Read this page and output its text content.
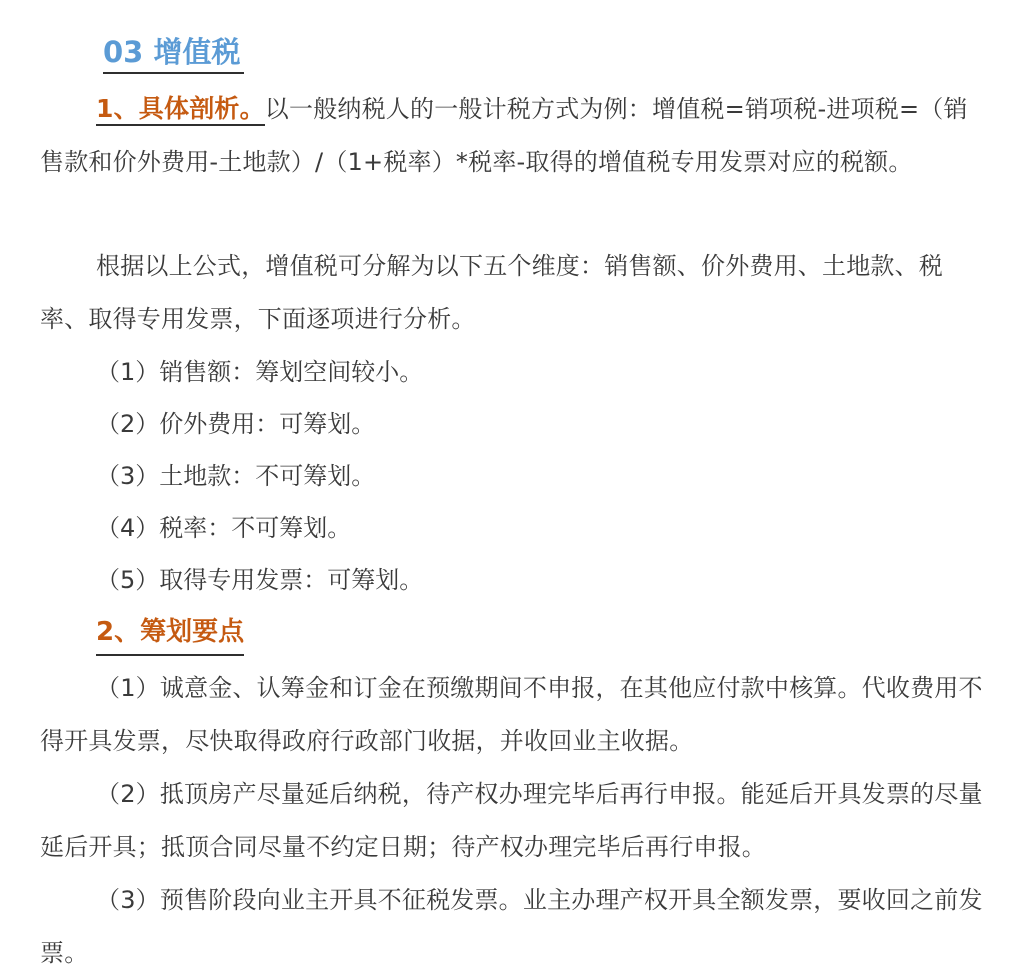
03 增值税

1、具体剖析。以一般纳税人的一般计税方式为例：增值税=销项税-进项税=（销售款和价外费用-土地款）/（1+税率）*税率-取得的增值税专用发票对应的税额。

根据以上公式，增值税可分解为以下五个维度：销售额、价外费用、土地款、税率、取得专用发票，下面逐项进行分析。

（1）销售额：筹划空间较小。

（2）价外费用：可筹划。

（3）土地款：不可筹划。

（4）税率：不可筹划。

（5）取得专用发票：可筹划。

2、筹划要点

（1）诚意金、认筹金和订金在预缴期间不申报，在其他应付款中核算。代收费用不得开具发票，尽快取得政府行政部门收据，并收回业主收据。

（2）抵顶房产尽量延后纳税，待产权办理完毕后再行申报。能延后开具发票的尽量延后开具；抵顶合同尽量不约定日期；待产权办理完毕后再行申报。

（3）预售阶段向业主开具不征税发票。业主办理产权开具全额发票，要收回之前发票。
